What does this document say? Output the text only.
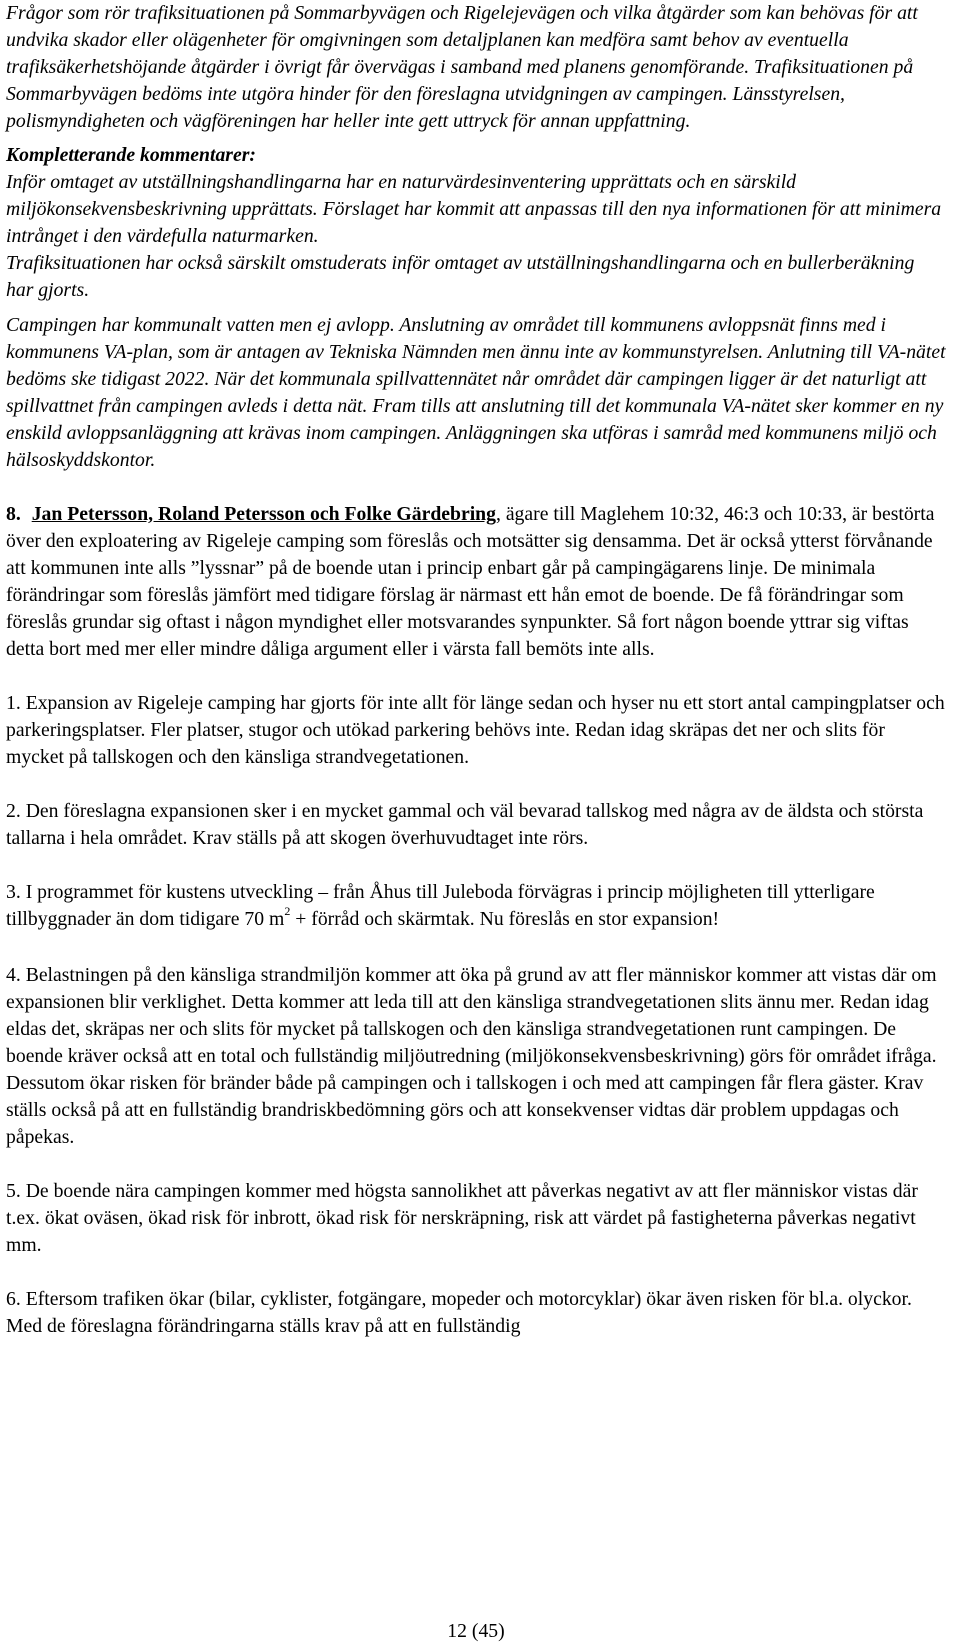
Frågor som rör trafiksituationen på Sommarbyvägen och Rigelejevägen och vilka åtgärder som kan behövas för att undvika skador eller olägenheter för omgivningen som detaljplanen kan medföra samt behov av eventuella trafiksäkerhetshöjande åtgärder i övrigt får övervägas i samband med planens genomförande. Trafiksituationen på Sommarbyvägen bedöms inte utgöra hinder för den föreslagna utvidgningen av campingen. Länsstyrelsen, polismyndigheten och vägföreningen har heller inte gett uttryck för annan uppfattning.

Kompletterande kommentarer:

Inför omtaget av utställningshandlingarna har en naturvärdesinventering upprättats och en särskild miljökonsekvensbeskrivning upprättats. Förslaget har kommit att anpassas till den nya informationen för att minimera intrånget i den värdefulla naturmarken.

Trafiksituationen har också särskilt omstuderats inför omtaget av utställningshandlingarna och en bullerberäkning har gjorts.

Campingen har kommunalt vatten men ej avlopp. Anslutning av området till kommunens avloppsnät finns med i kommunens VA-plan, som är antagen av Tekniska Nämnden men ännu inte av kommunstyrelsen. Anlutning till VA-nätet bedöms ske tidigast 2022. När det kommunala spillvattennätet når området där campingen ligger är det naturligt att spillvattnet från campingen avleds i detta nät. Fram tills att anslutning till det kommunala VA-nätet sker kommer en ny enskild avloppsanläggning att krävas inom campingen. Anläggningen ska utföras i samråd med kommunens miljö och hälsoskyddskontor.

8. Jan Petersson, Roland Petersson och Folke Gärdebring, ägare till Maglehem 10:32, 46:3 och 10:33, är bestörta över den exploatering av Rigeleje camping som föreslås och motsätter sig densamma. Det är också ytterst förvånande att kommunen inte alls ”lyssnar” på de boende utan i princip enbart går på campingägarens linje. De minimala förändringar som föreslås jämfört med tidigare förslag är närmast ett hån emot de boende. De få förändringar som föreslås grundar sig oftast i någon myndighet eller motsvarandes synpunkter. Så fort någon boende yttrar sig viftas detta bort med mer eller mindre dåliga argument eller i värsta fall bemöts inte alls.

1. Expansion av Rigeleje camping har gjorts för inte allt för länge sedan och hyser nu ett stort antal campingplatser och parkeringsplatser. Fler platser, stugor och utökad parkering behövs inte. Redan idag skräpas det ner och slits för mycket på tallskogen och den känsliga strandvegetationen.

2. Den föreslagna expansionen sker i en mycket gammal och väl bevarad tallskog med några av de äldsta och största tallarna i hela området. Krav ställs på att skogen överhuvudtaget inte rörs.

3. I programmet för kustens utveckling – från Åhus till Juleboda förvägras i princip möjligheten till ytterligare tillbyggnader än dom tidigare 70 $m^2$ + förråd och skärmtak. Nu föreslås en stor expansion!

4. Belastningen på den känsliga strandmiljön kommer att öka på grund av att fler människor kommer att vistas där om expansionen blir verklighet. Detta kommer att leda till att den känsliga strandvegetationen slits ännu mer. Redan idag eldas det, skräpas ner och slits för mycket på tallskogen och den känsliga strandvegetationen runt campingen. De boende kräver också att en total och fullständig miljöutredning (miljökonsekvensbeskrivning) görs för området ifråga. Dessutom ökar risken för bränder både på campingen och i tallskogen i och med att campingen får flera gäster. Krav ställs också på att en fullständig brandriskbedömning görs och att konsekvenser vidtas där problem uppdagas och påpekas.

5. De boende nära campingen kommer med högsta sannolikhet att påverkas negativt av att fler människor vistas där t.ex. ökat oväsen, ökad risk för inbrott, ökad risk för nerskräpning, risk att värdet på fastigheterna påverkas negativt mm.

6. Eftersom trafiken ökar (bilar, cyklister, fotgängare, mopeder och motorcyklar) ökar även risken för bl.a. olyckor. Med de föreslagna förändringarna ställs krav på att en fullständig

12 (45)
